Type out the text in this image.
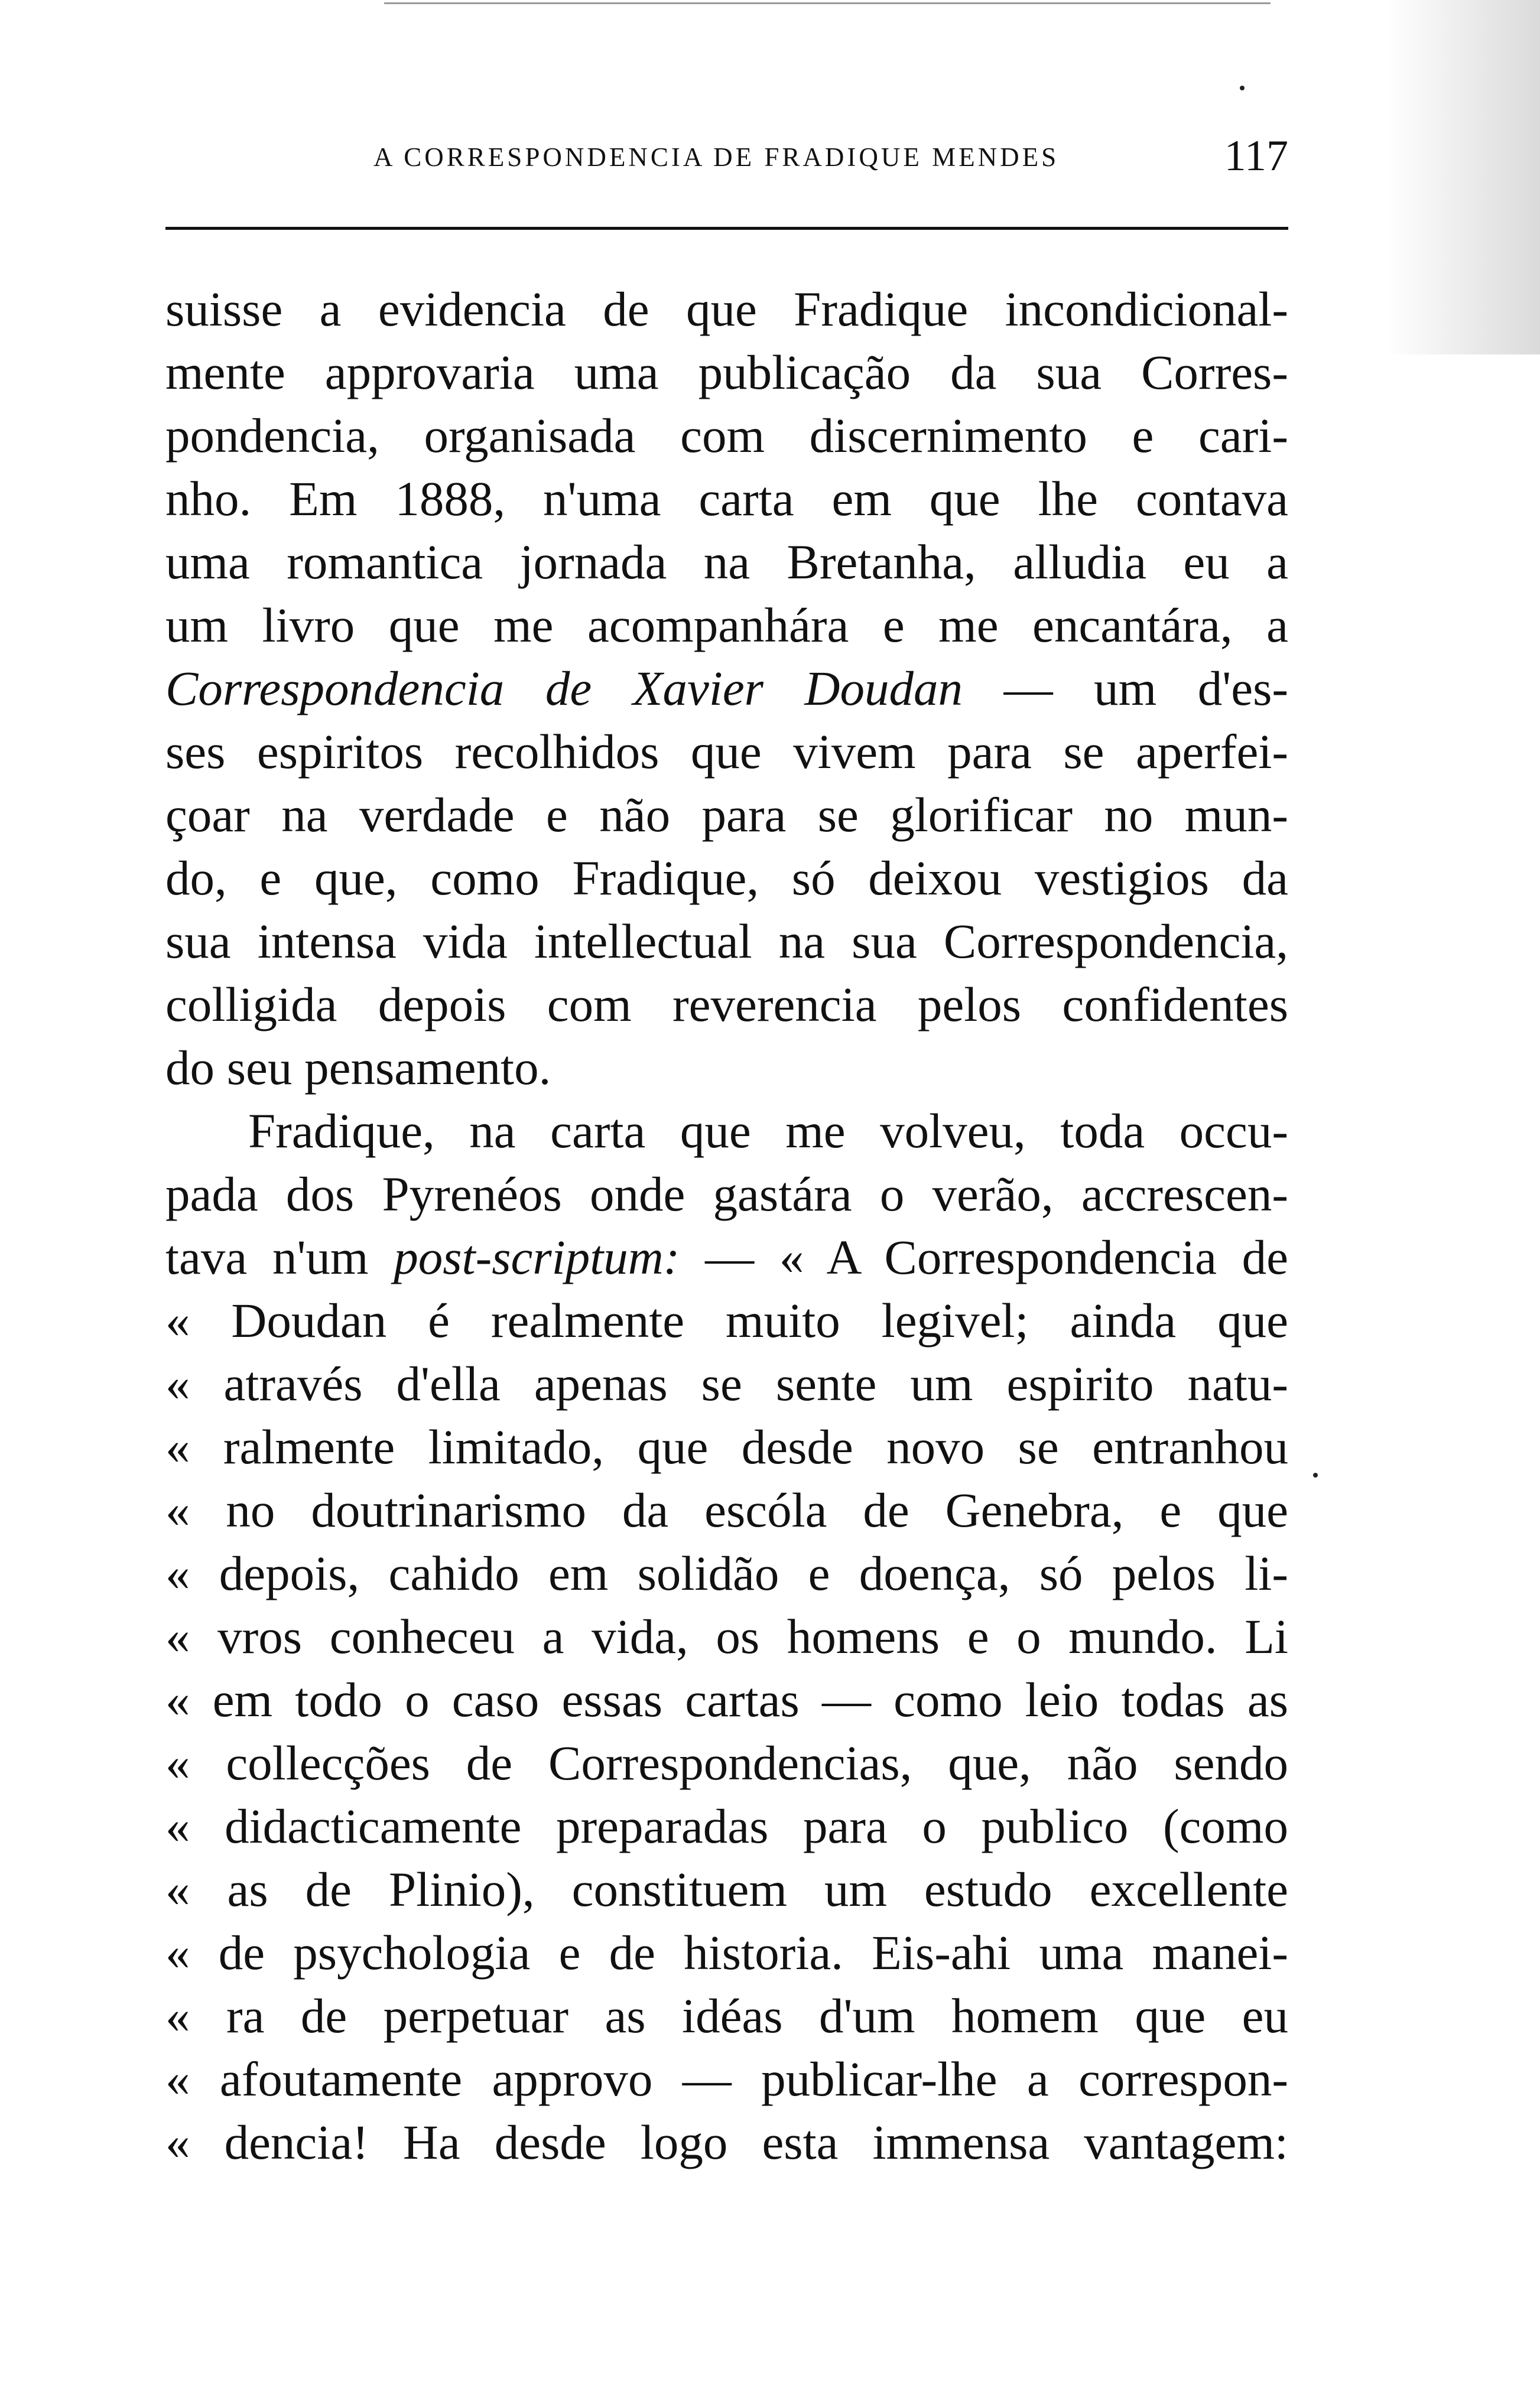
A CORRESPONDENCIA DE FRADIQUE MENDES	117
suisse a evidencia de que Fradique incondicional-
mente approvaria uma publicação da sua Corres-
pondencia, organisada com discernimento e cari-
nho. Em 1888, n'uma carta em que lhe contava
uma romantica jornada na Bretanha, alludia eu a
um livro que me acompanhára e me encantára, a
Correspondencia de Xavier Doudan — um d'es-
ses espiritos recolhidos que vivem para se aperfei-
çoar na verdade e não para se glorificar no mun-
do, e que, como Fradique, só deixou vestigios da
sua intensa vida intellectual na sua Correspondencia,
colligida depois com reverencia pelos confidentes
do seu pensamento.
Fradique, na carta que me volveu, toda occu-
pada dos Pyrenéos onde gastára o verão, accrescen-
tava n'um post-scriptum: — « A Correspondencia de
« Doudan é realmente muito legivel; ainda que
« através d'ella apenas se sente um espirito natu-
« ralmente limitado, que desde novo se entranhou
« no doutrinarismo da escóla de Genebra, e que
« depois, cahido em solidão e doença, só pelos li-
« vros conheceu a vida, os homens e o mundo. Li
« em todo o caso essas cartas — como leio todas as
« collecções de Correspondencias, que, não sendo
« didacticamente preparadas para o publico (como
« as de Plinio), constituem um estudo excellente
« de psychologia e de historia. Eis-ahi uma manei-
« ra de perpetuar as idéas d'um homem que eu
« afoutamente approvo — publicar-lhe a correspon-
« dencia! Ha desde logo esta immensa vantagem:
